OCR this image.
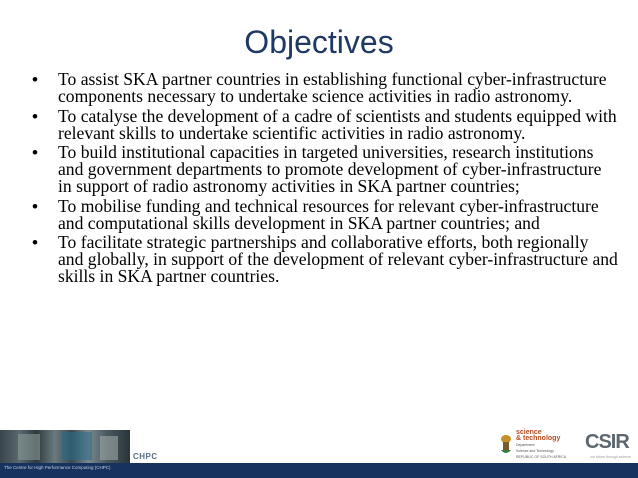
Objectives
• To assist SKA partner countries in establishing functional cyber-infrastructure components necessary to undertake science activities in radio astronomy.
• To catalyse the development of a cadre of scientists and students equipped with relevant skills to undertake scientific activities in radio astronomy.
• To build institutional capacities in targeted universities, research institutions and government departments to promote development of cyber-infrastructure in support of radio astronomy activities in SKA partner countries;
• To mobilise funding and technical resources for relevant cyber-infrastructure and computational skills development in SKA partner countries; and
• To facilitate strategic partnerships and collaborative efforts, both regionally and globally, in support of the development of relevant cyber-infrastructure and skills in SKA partner countries.
CHPC
The Centre for High Performance Computing (CHPC)
science
& technology
Department:
Science and Technology
REPUBLIC OF SOUTH AFRICA
CSIR
our future through science
